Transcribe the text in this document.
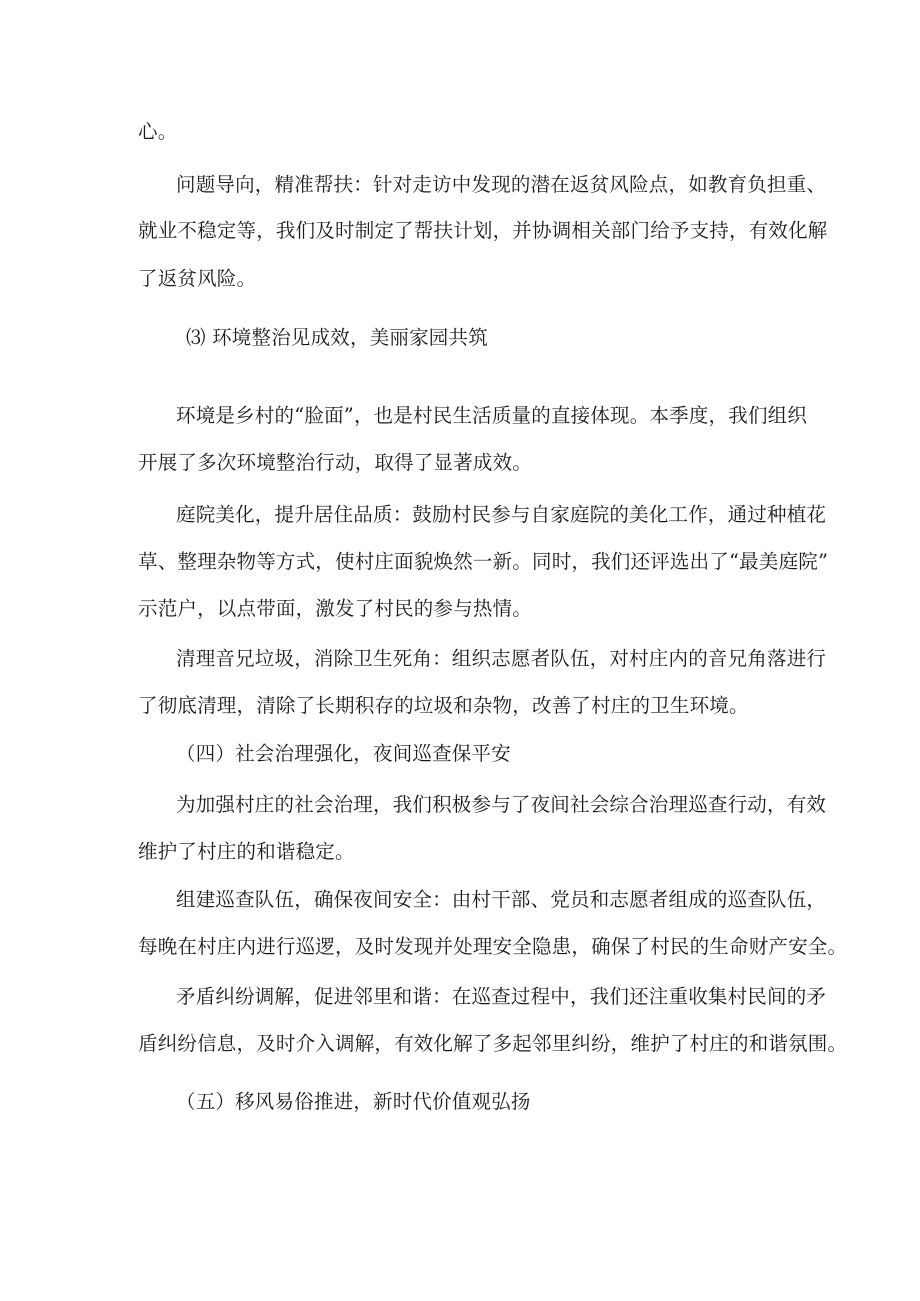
心。
问题导向，精准帮扶：针对走访中发现的潜在返贫风险点，如教育负担重、
就业不稳定等，我们及时制定了帮扶计划，并协调相关部门给予支持，有效化解
了返贫风险。
⑶ 环境整治见成效，美丽家园共筑
环境是乡村的“脸面”，也是村民生活质量的直接体现。本季度，我们组织
开展了多次环境整治行动，取得了显著成效。
庭院美化，提升居住品质：鼓励村民参与自家庭院的美化工作，通过种植花
草、整理杂物等方式，使村庄面貌焕然一新。同时，我们还评选出了“最美庭院”
示范户，以点带面，激发了村民的参与热情。
清理音兄垃圾，消除卫生死角：组织志愿者队伍，对村庄内的音兄角落进行
了彻底清理，清除了长期积存的垃圾和杂物，改善了村庄的卫生环境。
（四）社会治理强化，夜间巡查保平安
为加强村庄的社会治理，我们积极参与了夜间社会综合治理巡查行动，有效
维护了村庄的和谐稳定。
组建巡查队伍，确保夜间安全：由村干部、党员和志愿者组成的巡查队伍，
每晚在村庄内进行巡逻，及时发现并处理安全隐患，确保了村民的生命财产安全。
矛盾纠纷调解，促进邻里和谐：在巡查过程中，我们还注重收集村民间的矛
盾纠纷信息，及时介入调解，有效化解了多起邻里纠纷，维护了村庄的和谐氛围。
（五）移风易俗推进，新时代价值观弘扬
